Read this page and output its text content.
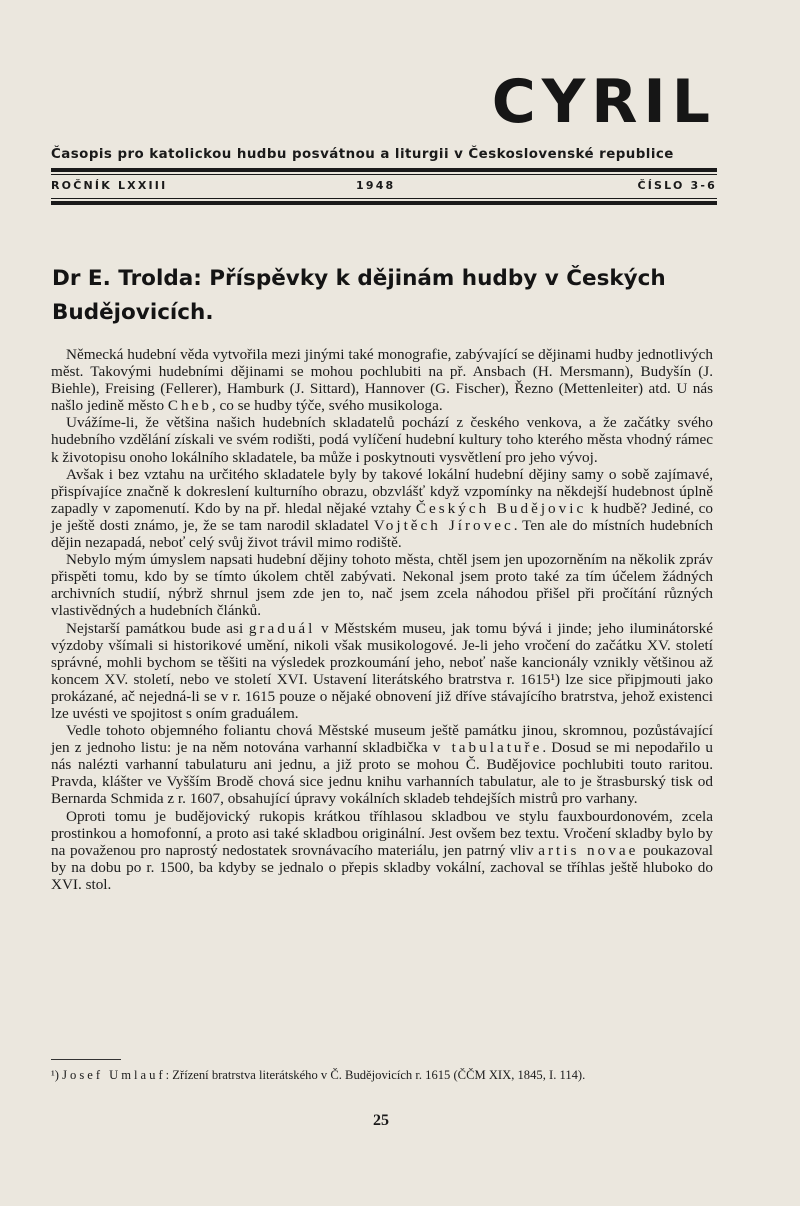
CYRIL
Časopis pro katolickou hudbu posvátnou a liturgii v Československé republice
ROČNÍK LXXIII	1948	ČÍSLO 3-6
Dr E. Trolda: Příspěvky k dějinám hudby v Českých Budějovicích.

Německá hudební věda vytvořila mezi jinými také monografie, zabývající se dějinami hudby jednotlivých měst. Takovými hudebními dějinami se mohou pochlubiti na př. Ansbach (H. Mersmann), Budyšín (J. Biehle), Freising (Fellerer), Hamburk (J. Sittard), Hannover (G. Fischer), Řezno (Mettenleiter) atd. U nás našlo jedině město Cheb, co se hudby týče, svého musikologa.

Uvážíme-li, že většina našich hudebních skladatelů pochází z českého venkova, a že začátky svého hudebního vzdělání získali ve svém rodišti, podá vylíčení hudební kultury toho kterého města vhodný rámec k životopisu onoho lokálního skladatele, ba může i poskytnouti vysvětlení pro jeho vývoj.

Avšak i bez vztahu na určitého skladatele byly by takové lokální hudební dějiny samy o sobě zajímavé, přispívajíce značně k dokreslení kulturního obrazu, obzvlášť když vzpomínky na někdejší hudebnost úplně zapadly v zapomenutí. Kdo by na př. hledal nějaké vztahy Českých Budějovic k hudbě? Jediné, co je ještě dosti známo, je, že se tam narodil skladatel Vojtěch Jírovec. Ten ale do místních hudebních dějin nezapadá, neboť celý svůj život trávil mimo rodiště.

Nebylo mým úmyslem napsati hudební dějiny tohoto města, chtěl jsem jen upozorněním na několik zpráv přispěti tomu, kdo by se tímto úkolem chtěl zabývati. Nekonal jsem proto také za tím účelem žádných archivních studií, nýbrž shrnul jsem zde jen to, nač jsem zcela náhodou přišel při pročítání různých vlastivědných a hudebních článků.

Nejstarší památkou bude asi graduál v Městském museu, jak tomu bývá i jinde; jeho iluminátorské výzdoby všímali si historikové umění, nikoli však musikologové. Je-li jeho vročení do začátku XV. století správné, mohli bychom se těšiti na výsledek prozkoumání jeho, neboť naše kancionály vznikly většinou až koncem XV. století, nebo ve století XVI. Ustavení literátského bratrstva r. 1615¹) lze sice připjmouti jako prokázané, ač nejedná-li se v r. 1615 pouze o nějaké obnovení již dříve stávajícího bratrstva, jehož existenci lze uvésti ve spojitost s oním graduálem.

Vedle tohoto objemného foliantu chová Městské museum ještě památku jinou, skromnou, pozůstávající jen z jednoho listu: je na něm notována varhanní skladbička v tabulatuře. Dosud se mi nepodařilo u nás nalézti varhanní tabulaturu ani jednu, a již proto se mohou Č. Budějovice pochlubiti touto raritou. Pravda, klášter ve Vyšším Brodě chová sice jednu knihu varhanních tabulatur, ale to je štrasburský tisk od Bernarda Schmida z r. 1607, obsahující úpravy vokálních skladeb tehdejších mistrů pro varhany.

Oproti tomu je budějovický rukopis krátkou tříhlasou skladbou ve stylu fauxbourdonovém, zcela prostinkou a homofonní, a proto asi také skladbou originální. Jest ovšem bez textu. Vročení skladby bylo by na považenou pro naprostý nedostatek srovnávacího materiálu, jen patrný vliv artis novae poukazoval by na dobu po r. 1500, ba kdyby se jednalo o přepis skladby vokální, zachoval se tříhlas ještě hluboko do XVI. stol.

¹) Josef Umlauf: Zřízení bratrstva literátského v Č. Budějovicích r. 1615 (ČČM XIX, 1845, I. 114).
25
